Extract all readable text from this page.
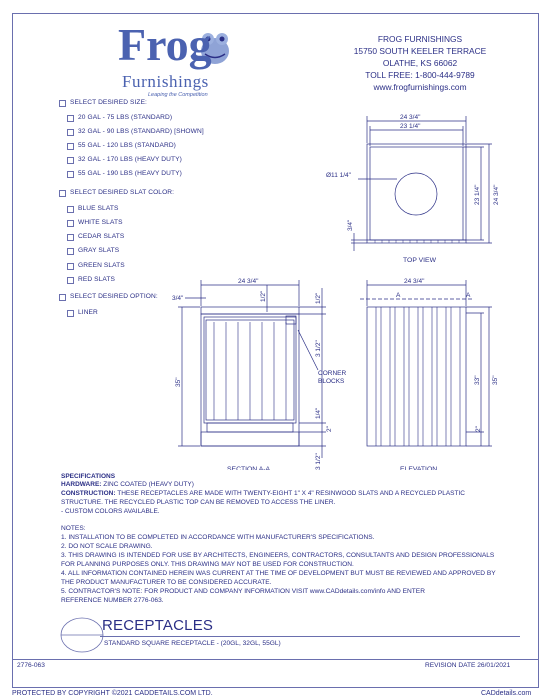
Frog
Furnishings
Leaping the Competition
FROG FURNISHINGS
15750 SOUTH KEELER TERRACE
OLATHE, KS 66062
TOLL FREE: 1-800-444-9789
www.frogfurnishings.com
SELECT DESIRED SIZE:
20 GAL - 75 LBS (STANDARD)
32 GAL - 90 LBS (STANDARD) [SHOWN]
55 GAL - 120 LBS (STANDARD)
32 GAL - 170 LBS (HEAVY DUTY)
55 GAL - 190 LBS (HEAVY DUTY)
SELECT DESIRED SLAT COLOR:
BLUE SLATS
WHITE SLATS
CEDAR SLATS
GRAY SLATS
GREEN SLATS
RED SLATS
SELECT DESIRED OPTION:
LINER
24 3/4"
23 1/4"
Ø11 1/4"
23 1/4" 24 3/4"
3/4"
TOP VIEW
24 3/4"
3/4"	1/2"	1/2"
3 1/2"
35"
1/4"
2"
3 1/2"
CORNER
BLOCKS
SECTION A-A
24 3/4"
A	A
33" 35"
2"
ELEVATION
SPECIFICATIONS
HARDWARE: ZINC COATED (HEAVY DUTY)
CONSTRUCTION: THESE RECEPTACLES ARE MADE WITH TWENTY-EIGHT 1" X 4" RESINWOOD SLATS AND A RECYCLED PLASTIC
STRUCTURE. THE RECYCLED PLASTIC TOP CAN BE REMOVED TO ACCESS THE LINER.
- CUSTOM COLORS AVAILABLE.
NOTES:
1. INSTALLATION TO BE COMPLETED IN ACCORDANCE WITH MANUFACTURER'S SPECIFICATIONS.
2. DO NOT SCALE DRAWING.
3. THIS DRAWING IS INTENDED FOR USE BY ARCHITECTS, ENGINEERS, CONTRACTORS, CONSULTANTS AND DESIGN PROFESSIONALS
FOR PLANNING PURPOSES ONLY. THIS DRAWING MAY NOT BE USED FOR CONSTRUCTION.
4. ALL INFORMATION CONTAINED HEREIN WAS CURRENT AT THE TIME OF DEVELOPMENT BUT MUST BE REVIEWED AND APPROVED BY
THE PRODUCT MANUFACTURER TO BE CONSIDERED ACCURATE.
5. CONTRACTOR'S NOTE: FOR PRODUCT AND COMPANY INFORMATION VISIT www.CADdetails.com/info AND ENTER
REFERENCE NUMBER 2776-063.
RECEPTACLES
STANDARD SQUARE RECEPTACLE - (20GL, 32GL, 55GL)
2776-063	REVISION DATE 26/01/2021
PROTECTED BY COPYRIGHT ©2021 CADDETAILS.COM LTD.	CADdetails.com
